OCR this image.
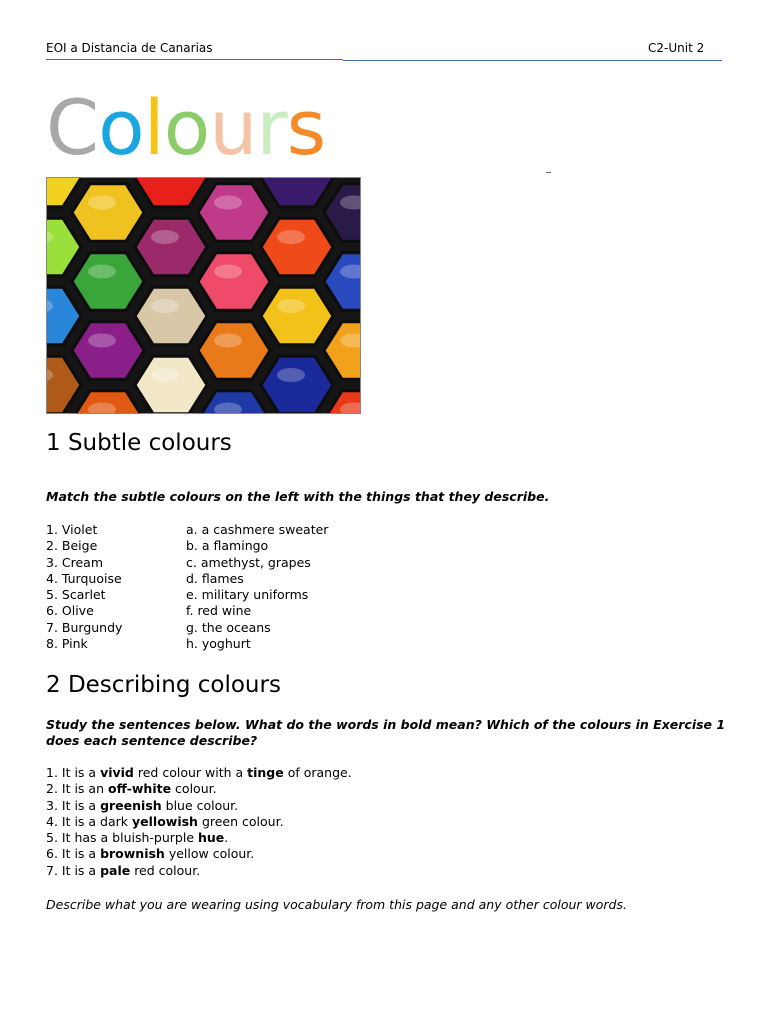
EOI a Distancia de Canarias	C2-Unit 2
Colours
1 Subtle colours
Match the subtle colours on the left with the things that they describe.
1. Violet
2. Beige
3. Cream
4. Turquoise
5. Scarlet
6. Olive
7. Burgundy
8. Pink
a. a cashmere sweater
b. a flamingo
c. amethyst, grapes
d. flames
e. military uniforms
f. red wine
g. the oceans
h. yoghurt
2 Describing colours
Study the sentences below. What do the words in bold mean? Which of the colours in Exercise 1 does each sentence describe?
1. It is a vivid red colour with a tinge of orange.
2. It is an off-white colour.
3. It is a greenish blue colour.
4. It is a dark yellowish green colour.
5. It has a bluish-purple hue.
6. It is a brownish yellow colour.
7. It is a pale red colour.
Describe what you are wearing using vocabulary from this page and any other colour words.
